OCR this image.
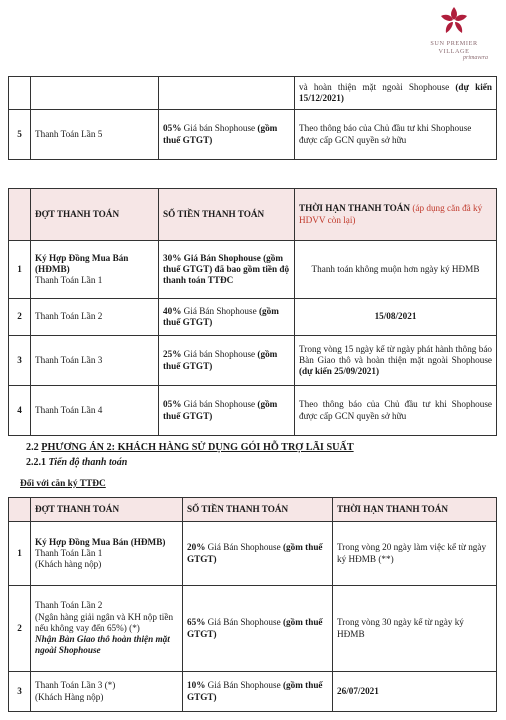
SUN PREMIER VILLAGE
primavera
			và hoàn thiện mặt ngoài Shophouse (dự kiến 15/12/2021)
5	Thanh Toán Lần 5	05% Giá bán Shophouse (gồm thuế GTGT)	Theo thông báo của Chủ đầu tư khi Shophouse được cấp GCN quyền sở hữu
	ĐỢT THANH TOÁN	SỐ TIỀN THANH TOÁN	THỜI HẠN THANH TOÁN (áp dụng căn đã ký HDVV còn lại)
1	Ký Hợp Đồng Mua Bán (HĐMB)
Thanh Toán Lần 1	30% Giá Bán Shophouse (gồm thuế GTGT) đã bao gồm tiền độ thanh toán TTĐC	Thanh toán không muộn hơn ngày ký HĐMB
2	Thanh Toán Lần 2	40% Giá Bán Shophouse (gồm thuế GTGT)	15/08/2021
3	Thanh Toán Lần 3	25% Giá bán Shophouse (gồm thuế GTGT)	Trong vòng 15 ngày kể từ ngày phát hành thông báo Bàn Giao thô và hoàn thiện mặt ngoài Shophouse (dự kiến 25/09/2021)
4	Thanh Toán Lần 4	05% Giá bán Shophouse (gồm thuế GTGT)	Theo thông báo của Chủ đầu tư khi Shophouse được cấp GCN quyền sở hữu
2.2 PHƯƠNG ÁN 2: KHÁCH HÀNG SỬ DỤNG GÓI HỖ TRỢ LÃI SUẤT
2.2.1 Tiến độ thanh toán
Đối với căn ký TTĐC
	ĐỢT THANH TOÁN	SỐ TIỀN THANH TOÁN	THỜI HẠN THANH TOÁN
1	Ký Hợp Đồng Mua Bán (HĐMB)
Thanh Toán Lần 1
(Khách hàng nộp)	20% Giá Bán Shophouse (gồm thuế GTGT)	Trong vòng 20 ngày làm việc kể từ ngày ký HĐMB (**)
2	Thanh Toán Lần 2
(Ngân hàng giải ngân và KH nộp tiền nếu không vay đến 65%) (*)
Nhận Bàn Giao thô hoàn thiện mặt ngoài Shophouse	65% Giá Bán Shophouse (gồm thuế GTGT)	Trong vòng 30 ngày kể từ ngày ký HĐMB
3	Thanh Toán Lần 3 (*)
(Khách Hàng nộp)	10% Giá Bán Shophouse (gồm thuế GTGT)	26/07/2021
